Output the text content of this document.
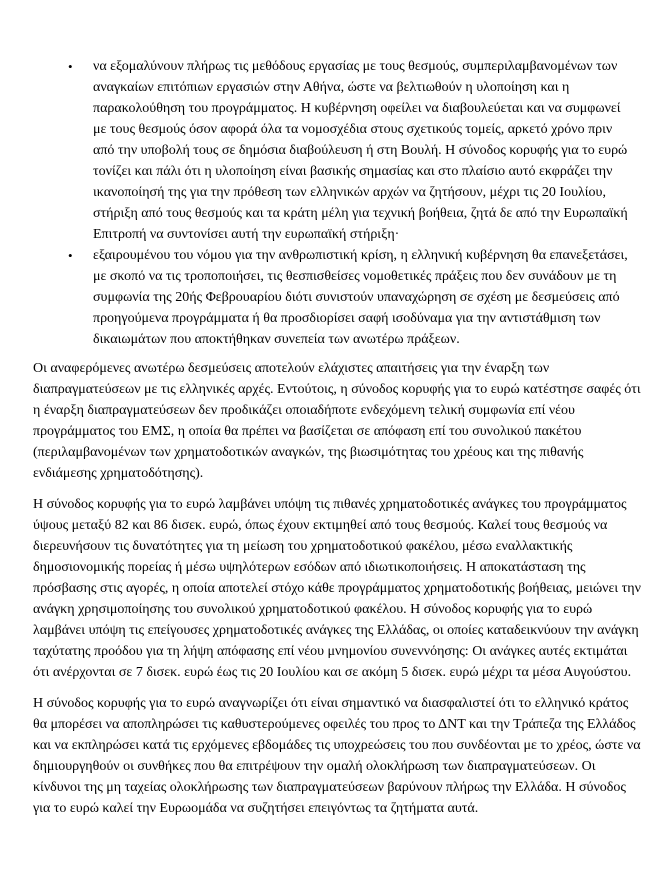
• να εξομαλύνουν πλήρως τις μεθόδους εργασίας με τους θεσμούς, συμπεριλαμβανομένων των αναγκαίων επιτόπιων εργασιών στην Αθήνα, ώστε να βελτιωθούν η υλοποίηση και η παρακολούθηση του προγράμματος. Η κυβέρνηση οφείλει να διαβουλεύεται και να συμφωνεί με τους θεσμούς όσον αφορά όλα τα νομοσχέδια στους σχετικούς τομείς, αρκετό χρόνο πριν από την υποβολή τους σε δημόσια διαβούλευση ή στη Βουλή. Η σύνοδος κορυφής για το ευρώ τονίζει και πάλι ότι η υλοποίηση είναι βασικής σημασίας και στο πλαίσιο αυτό εκφράζει την ικανοποίησή της για την πρόθεση των ελληνικών αρχών να ζητήσουν, μέχρι τις 20 Ιουλίου, στήριξη από τους θεσμούς και τα κράτη μέλη για τεχνική βοήθεια, ζητά δε από την Ευρωπαϊκή Επιτροπή να συντονίσει αυτή την ευρωπαϊκή στήριξη·
• εξαιρουμένου του νόμου για την ανθρωπιστική κρίση, η ελληνική κυβέρνηση θα επανεξετάσει, με σκοπό να τις τροποποιήσει, τις θεσπισθείσες νομοθετικές πράξεις που δεν συνάδουν με τη συμφωνία της 20ής Φεβρουαρίου διότι συνιστούν υπαναχώρηση σε σχέση με δεσμεύσεις από προηγούμενα προγράμματα ή θα προσδιορίσει σαφή ισοδύναμα για την αντιστάθμιση των δικαιωμάτων που αποκτήθηκαν συνεπεία των ανωτέρω πράξεων.

Οι αναφερόμενες ανωτέρω δεσμεύσεις αποτελούν ελάχιστες απαιτήσεις για την έναρξη των διαπραγματεύσεων με τις ελληνικές αρχές. Εντούτοις, η σύνοδος κορυφής για το ευρώ κατέστησε σαφές ότι η έναρξη διαπραγματεύσεων δεν προδικάζει οποιαδήποτε ενδεχόμενη τελική συμφωνία επί νέου προγράμματος του ΕΜΣ, η οποία θα πρέπει να βασίζεται σε απόφαση επί του συνολικού πακέτου (περιλαμβανομένων των χρηματοδοτικών αναγκών, της βιωσιμότητας του χρέους και της πιθανής ενδιάμεσης χρηματοδότησης).

Η σύνοδος κορυφής για το ευρώ λαμβάνει υπόψη τις πιθανές χρηματοδοτικές ανάγκες του προγράμματος ύψους μεταξύ 82 και 86 δισεκ. ευρώ, όπως έχουν εκτιμηθεί από τους θεσμούς. Καλεί τους θεσμούς να διερευνήσουν τις δυνατότητες για τη μείωση του χρηματοδοτικού φακέλου, μέσω εναλλακτικής δημοσιονομικής πορείας ή μέσω υψηλότερων εσόδων από ιδιωτικοποιήσεις. Η αποκατάσταση της πρόσβασης στις αγορές, η οποία αποτελεί στόχο κάθε προγράμματος χρηματοδοτικής βοήθειας, μειώνει την ανάγκη χρησιμοποίησης του συνολικού χρηματοδοτικού φακέλου. Η σύνοδος κορυφής για το ευρώ λαμβάνει υπόψη τις επείγουσες χρηματοδοτικές ανάγκες της Ελλάδας, οι οποίες καταδεικνύουν την ανάγκη ταχύτατης προόδου για τη λήψη απόφασης επί νέου μνημονίου συνεννόησης: Οι ανάγκες αυτές εκτιμάται ότι ανέρχονται σε 7 δισεκ. ευρώ έως τις 20 Ιουλίου και σε ακόμη 5 δισεκ. ευρώ μέχρι τα μέσα Αυγούστου.

Η σύνοδος κορυφής για το ευρώ αναγνωρίζει ότι είναι σημαντικό να διασφαλιστεί ότι το ελληνικό κράτος θα μπορέσει να αποπληρώσει τις καθυστερούμενες οφειλές του προς το ΔΝΤ και την Τράπεζα της Ελλάδος και να εκπληρώσει κατά τις ερχόμενες εβδομάδες τις υποχρεώσεις του που συνδέονται με το χρέος, ώστε να δημιουργηθούν οι συνθήκες που θα επιτρέψουν την ομαλή ολοκλήρωση των διαπραγματεύσεων. Οι κίνδυνοι της μη ταχείας ολοκλήρωσης των διαπραγματεύσεων βαρύνουν πλήρως την Ελλάδα. Η σύνοδος για το ευρώ καλεί την Ευρωομάδα να συζητήσει επειγόντως τα ζητήματα αυτά.
